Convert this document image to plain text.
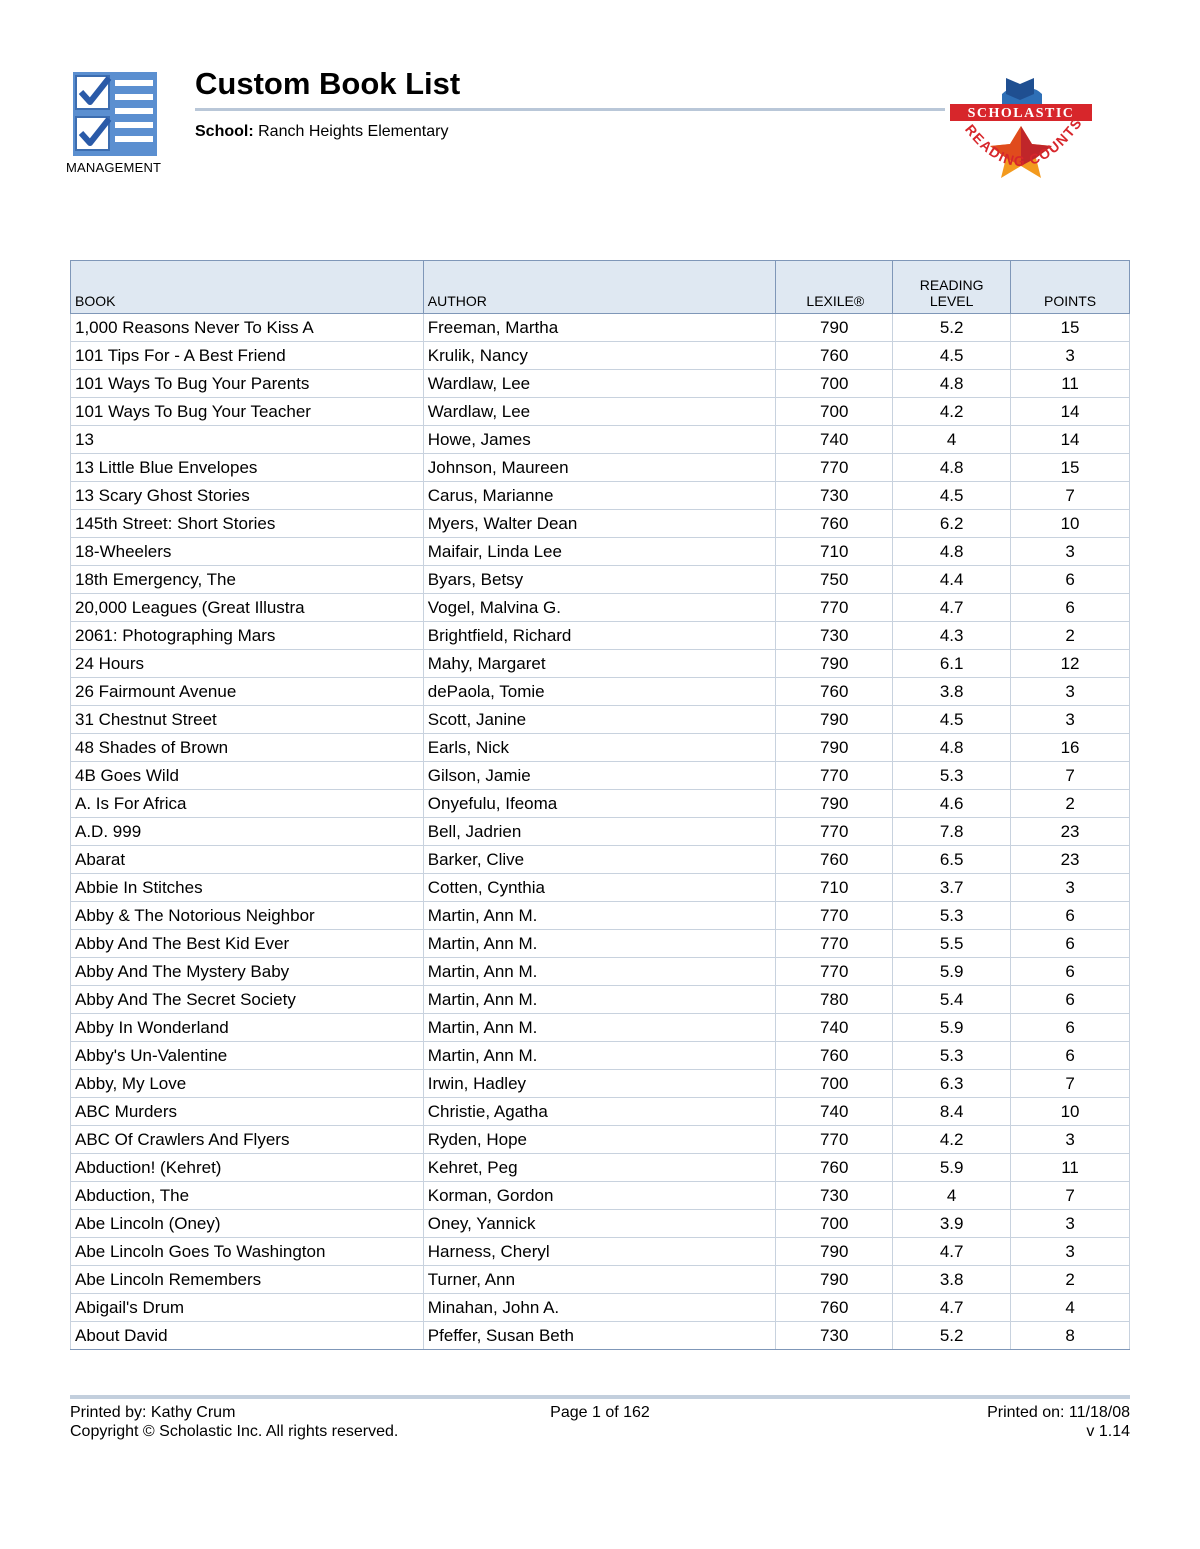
MANAGEMENT
Custom Book List
School: Ranch Heights Elementary
SCHOLASTIC
READING COUNTS
BOOK	AUTHOR	LEXILE®	READING LEVEL	POINTS
1,000 Reasons Never To Kiss A	Freeman, Martha	790	5.2	15
101 Tips For - A Best Friend	Krulik, Nancy	760	4.5	3
101 Ways To Bug Your Parents	Wardlaw, Lee	700	4.8	11
101 Ways To Bug Your Teacher	Wardlaw, Lee	700	4.2	14
13	Howe, James	740	4	14
13 Little Blue Envelopes	Johnson, Maureen	770	4.8	15
13 Scary Ghost Stories	Carus, Marianne	730	4.5	7
145th Street: Short Stories	Myers, Walter Dean	760	6.2	10
18-Wheelers	Maifair, Linda Lee	710	4.8	3
18th Emergency, The	Byars, Betsy	750	4.4	6
20,000 Leagues (Great Illustra	Vogel, Malvina G.	770	4.7	6
2061: Photographing Mars	Brightfield, Richard	730	4.3	2
24 Hours	Mahy, Margaret	790	6.1	12
26 Fairmount Avenue	dePaola, Tomie	760	3.8	3
31 Chestnut Street	Scott, Janine	790	4.5	3
48 Shades of Brown	Earls, Nick	790	4.8	16
4B Goes Wild	Gilson, Jamie	770	5.3	7
A. Is For Africa	Onyefulu, Ifeoma	790	4.6	2
A.D. 999	Bell, Jadrien	770	7.8	23
Abarat	Barker, Clive	760	6.5	23
Abbie In Stitches	Cotten, Cynthia	710	3.7	3
Abby & The Notorious Neighbor	Martin, Ann M.	770	5.3	6
Abby And The Best Kid Ever	Martin, Ann M.	770	5.5	6
Abby And The Mystery Baby	Martin, Ann M.	770	5.9	6
Abby And The Secret Society	Martin, Ann M.	780	5.4	6
Abby In Wonderland	Martin, Ann M.	740	5.9	6
Abby's Un-Valentine	Martin, Ann M.	760	5.3	6
Abby, My Love	Irwin, Hadley	700	6.3	7
ABC Murders	Christie, Agatha	740	8.4	10
ABC Of Crawlers And Flyers	Ryden, Hope	770	4.2	3
Abduction! (Kehret)	Kehret, Peg	760	5.9	11
Abduction, The	Korman, Gordon	730	4	7
Abe Lincoln (Oney)	Oney, Yannick	700	3.9	3
Abe Lincoln Goes To Washington	Harness, Cheryl	790	4.7	3
Abe Lincoln Remembers	Turner, Ann	790	3.8	2
Abigail's Drum	Minahan, John A.	760	4.7	4
About David	Pfeffer, Susan Beth	730	5.2	8
Printed by: Kathy Crum
Copyright © Scholastic Inc. All rights reserved.
Page 1 of 162	Printed on: 11/18/08
v 1.14
